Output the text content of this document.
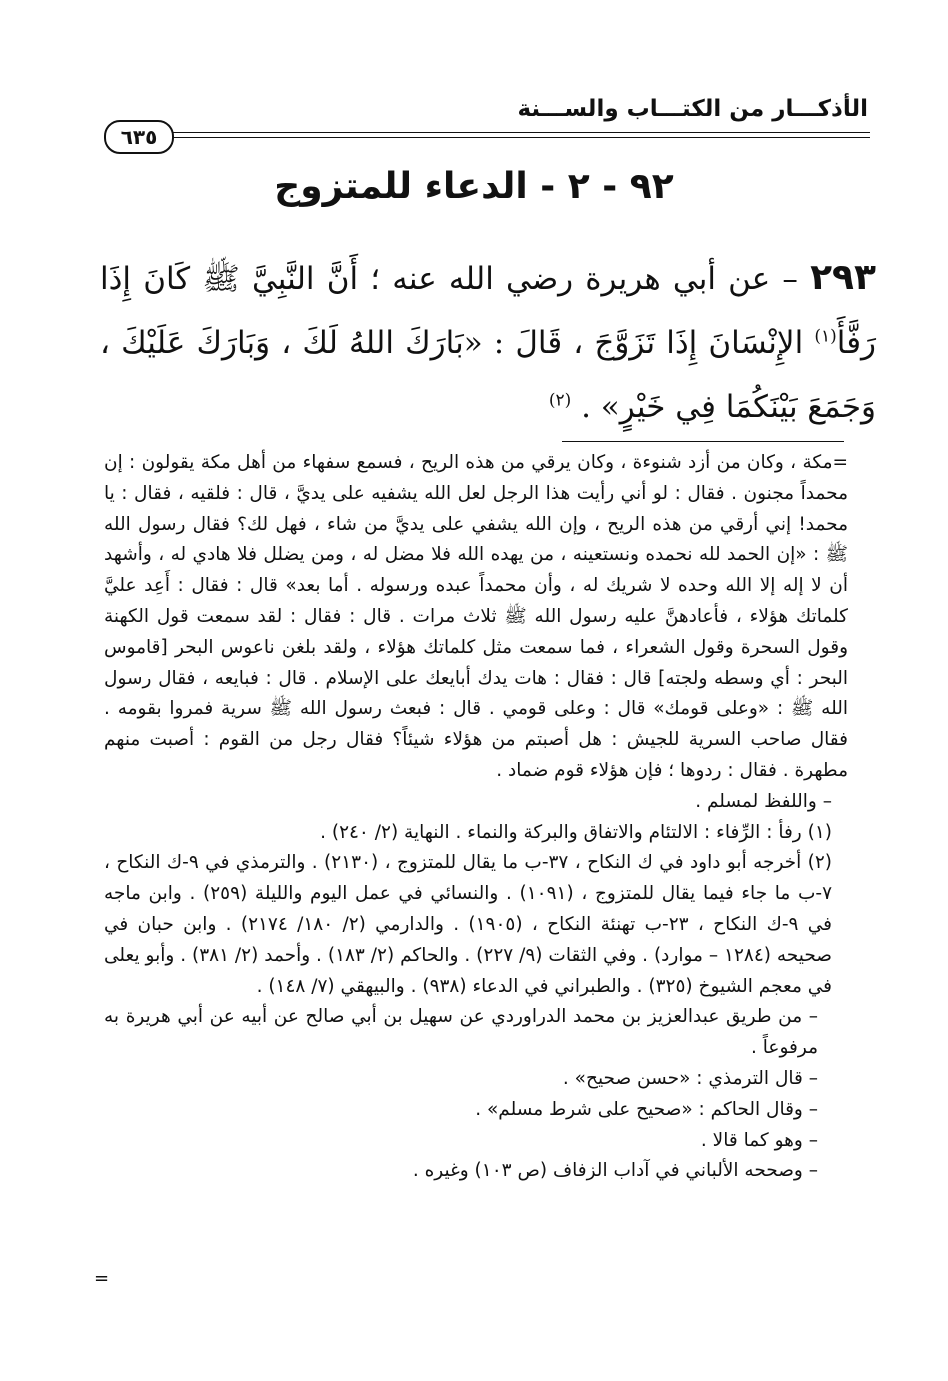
الأذكـــار من الكتـــاب والســـنة
٦٣٥
٩٢ - ٢ - الدعاء للمتزوج
٢٩٣ – عن أبي هريرة رضي الله عنه ؛ أَنَّ النَّبِيَّ ﷺ كَانَ إِذَا رَفَّأَ$^{(١)}$ الإِنْسَانَ إِذَا تَزَوَّجَ ، قَالَ : «بَارَكَ اللهُ لَكَ ، وَبَارَكَ عَلَيْكَ ، وَجَمَعَ بَيْنَكُمَا فِي خَيْرٍ» . $^{(٢)}$

=مكة ، وكان من أزد شنوءة ، وكان يرقي من هذه الريح ، فسمع سفهاء من أهل مكة يقولون : إن محمداً مجنون . فقال : لو أني رأيت هذا الرجل لعل الله يشفيه على يديَّ ، قال : فلقيه ، فقال : يا محمد! إني أرقي من هذه الريح ، وإن الله يشفي على يديَّ من شاء ، فهل لك؟ فقال رسول الله ﷺ : «إن الحمد لله نحمده ونستعينه ، من يهده الله فلا مضل له ، ومن يضلل فلا هادي له ، وأشهد أن لا إله إلا الله وحده لا شريك له ، وأن محمداً عبده ورسوله . أما بعد» قال : فقال : أَعِد عليَّ كلماتك هؤلاء ، فأعادهنَّ عليه رسول الله ﷺ ثلاث مرات . قال : فقال : لقد سمعت قول الكهنة وقول السحرة وقول الشعراء ، فما سمعت مثل كلماتك هؤلاء ، ولقد بلغن ناعوس البحر [قاموس البحر : أي وسطه ولجته] قال : فقال : هات يدك أبايعك على الإسلام . قال : فبايعه ، فقال رسول الله ﷺ : «وعلى قومك» قال : وعلى قومي . قال : فبعث رسول الله ﷺ سرية فمروا بقومه . فقال صاحب السرية للجيش : هل أصبتم من هؤلاء شيئاً؟ فقال رجل من القوم : أصبت منهم مطهرة . فقال : ردوها ؛ فإن هؤلاء قوم ضماد .

– واللفظ لمسلم .

(١) رفأ : الرِّفاء : الالتئام والاتفاق والبركة والنماء . النهاية (٢/ ٢٤٠) .

(٢) أخرجه أبو داود في ك النكاح ، ٣٧-ب ما يقال للمتزوج ، (٢١٣٠) . والترمذي في ٩-ك النكاح ، ٧-ب ما جاء فيما يقال للمتزوج ، (١٠٩١) . والنسائي في عمل اليوم والليلة (٢٥٩) . وابن ماجه في ٩-ك النكاح ، ٢٣-ب تهنئة النكاح ، (١٩٠٥) . والدارمي (٢/ ١٨٠/ ٢١٧٤) . وابن حبان في صحيحه (١٢٨٤ – موارد) . وفي الثقات (٩/ ٢٢٧) . والحاكم (٢/ ١٨٣) . وأحمد (٢/ ٣٨١) . وأبو يعلى في معجم الشيوخ (٣٢٥) . والطبراني في الدعاء (٩٣٨) . والبيهقي (٧/ ١٤٨) .

– من طريق عبدالعزيز بن محمد الدراوردي عن سهيل بن أبي صالح عن أبيه عن أبي هريرة به مرفوعاً .

– قال الترمذي : «حسن صحيح» .

– وقال الحاكم : «صحيح على شرط مسلم» .

– وهو كما قالا .

– وصححه الألباني في آداب الزفاف (ص ١٠٣) وغيره .

=
